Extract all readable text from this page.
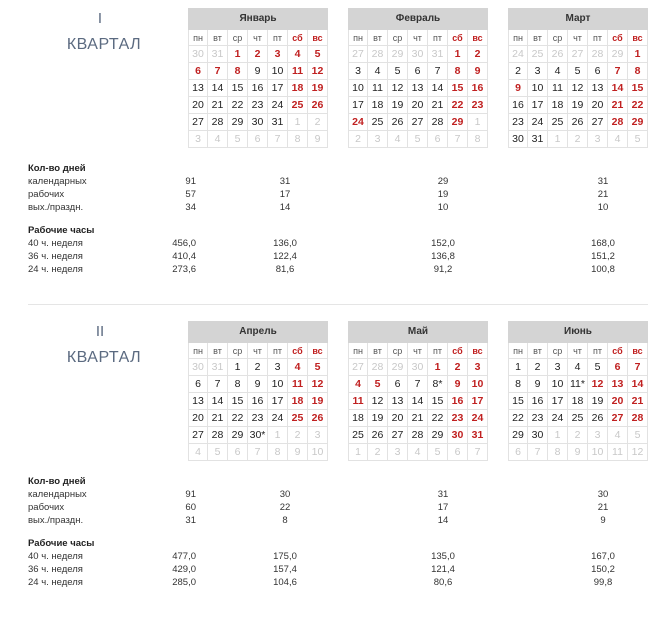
I
КВАРТАЛ
Январь
пн	вт	ср	чт	пт	сб	вс
30 31	1	2	3	4	5
6	7	8	9	10 11 12
13 14 15 16 17 18 19
20 21 22 23 24 25 26
27 28 29 30 31	1	2
3	4	5	6	7	8	9
Февраль
пн	вт	ср	чт	пт	сб	вс
27 28 29 30 31	1	2
3	4	5	6	7	8	9
10 11 12 13 14 15 16
17 18 19 20 21 22 23
24 25 26 27 28 29	1
2	3	4	5	6	7	8
Март
пн	вт	ср	чт	пт	сб	вс
24 25 26 27 28 29	1
2	3	4	5	6	7	8
9	10 11 12 13 14 15
16 17 18 19 20 21 22
23 24 25 26 27 28 29
30 31	1	2	3	4	5
Кол-во дней
календарных	91	31	29	31
рабочих	57	17	19	21
вых./праздн.	34	14	10	10
Рабочие часы
40 ч. неделя	456,0	136,0	152,0	168,0
36 ч. неделя	410,4	122,4	136,8	151,2
24 ч. неделя	273,6	81,6	91,2	100,8
II
КВАРТАЛ
Апрель
пн	вт	ср	чт	пт	сб	вс
30 31	1	2	3	4	5
6	7	8	9	10 11 12
13 14 15 16 17 18 19
20 21 22 23 24 25 26
27 28 29 30* 1	2	3
4	5	6	7	8	9	10
Май
пн	вт	ср	чт	пт	сб	вс
27 28 29 30	1	2	3
4	5	6	7	8*	9	10
11 12 13 14 15 16 17
18 19 20 21 22 23 24
25 26 27 28 29 30 31
1	2	3	4	5	6	7
Июнь
пн	вт	ср	чт	пт	сб	вс
1	2	3	4	5	6	7
8	9	10 11* 12 13 14
15 16 17 18 19 20 21
22 23 24 25 26 27 28
29 30	1	2	3	4	5
6	7	8	9	10 11 12
Кол-во дней
календарных	91	30	31	30
рабочих	60	22	17	21
вых./праздн.	31	8	14	9
Рабочие часы
40 ч. неделя	477,0	175,0	135,0	167,0
36 ч. неделя	429,0	157,4	121,4	150,2
24 ч. неделя	285,0	104,6	80,6	99,8
